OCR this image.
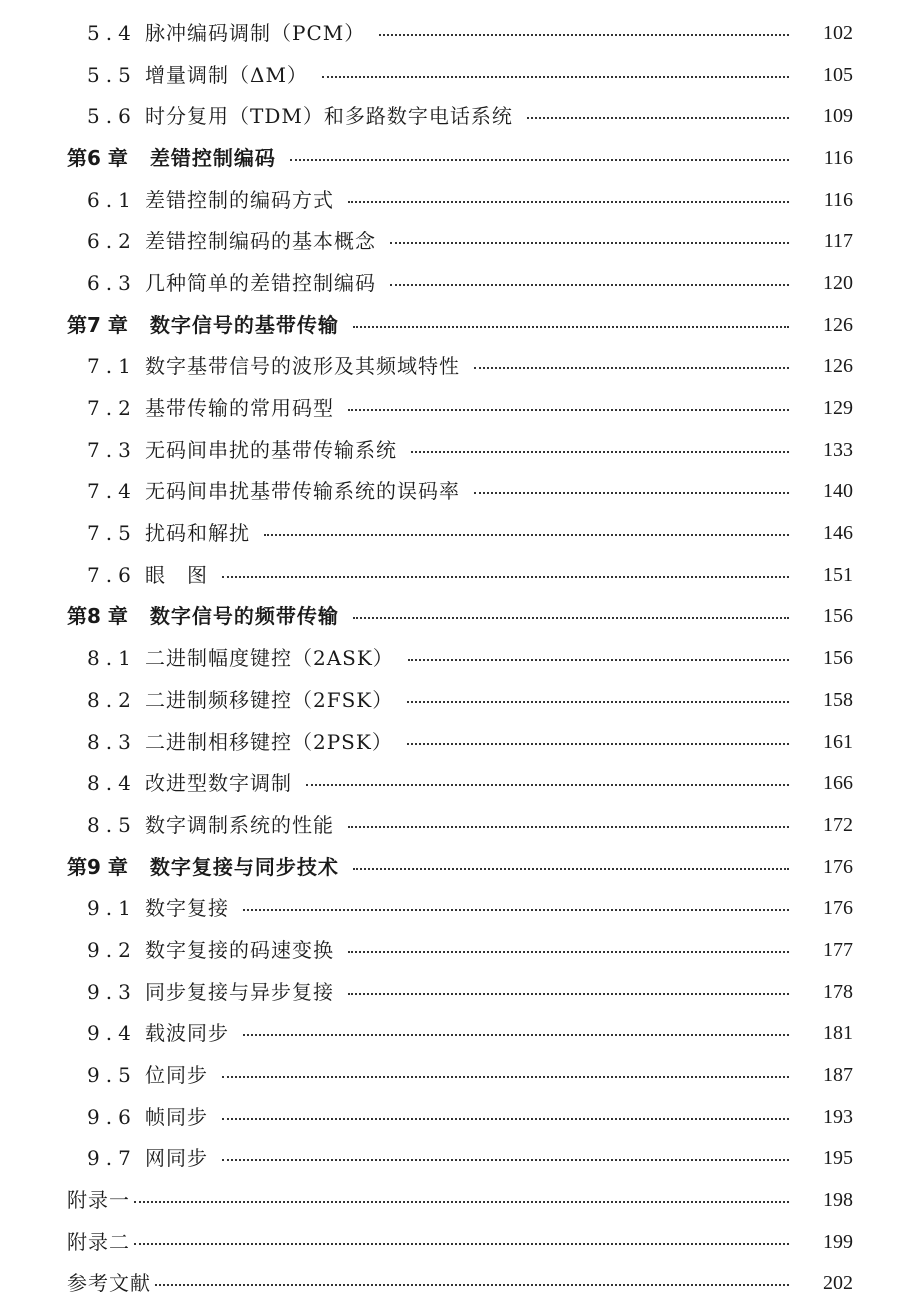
5.4 脉冲编码调制（PCM）	102
5.5 增量调制（ΔM）	105
5.6 时分复用（TDM）和多路数字电话系统	109
第6 章 差错控制编码	116
6.1 差错控制的编码方式	116
6.2 差错控制编码的基本概念	117
6.3 几种简单的差错控制编码	120
第7 章 数字信号的基带传输	126
7.1 数字基带信号的波形及其频域特性	126
7.2 基带传输的常用码型	129
7.3 无码间串扰的基带传输系统	133
7.4 无码间串扰基带传输系统的误码率	140
7.5 扰码和解扰	146
7.6 眼　图	151
第8 章 数字信号的频带传输	156
8.1 二进制幅度键控（2ASK）	156
8.2 二进制频移键控（2FSK）	158
8.3 二进制相移键控（2PSK）	161
8.4 改进型数字调制	166
8.5 数字调制系统的性能	172
第9 章 数字复接与同步技术	176
9.1 数字复接	176
9.2 数字复接的码速变换	177
9.3 同步复接与异步复接	178
9.4 载波同步	181
9.5 位同步	187
9.6 帧同步	193
9.7 网同步	195
附录一	198
附录二	199
参考文献	202
